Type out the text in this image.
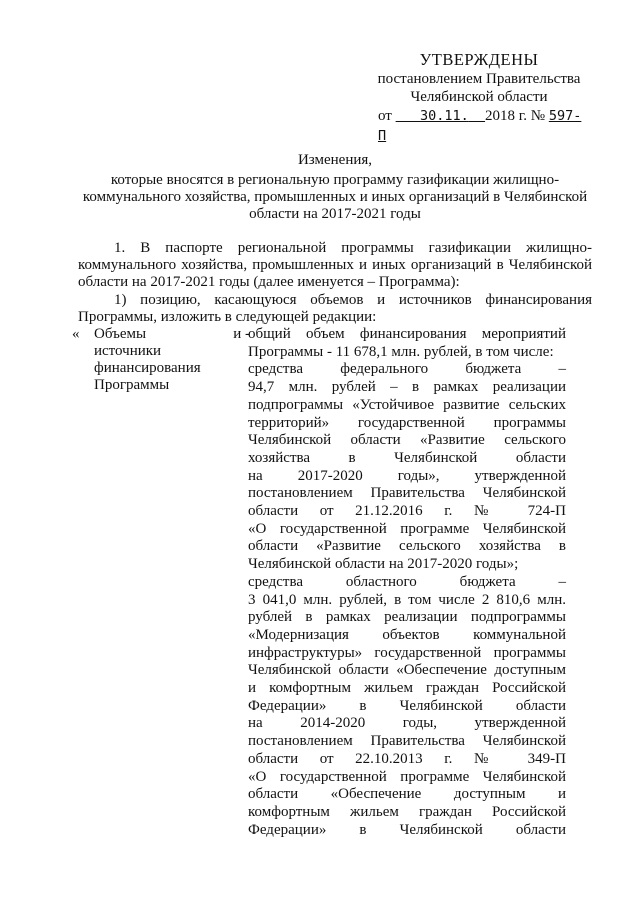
УТВЕРЖДЕНЫ
постановлением Правительства
Челябинской области
от 30.11. 2018 г. № 597-П
Изменения,
которые вносятся в региональную программу газификации жилищно-
коммунального хозяйства, промышленных и иных организаций в Челябинской
области на 2017-2021 годы
1. В паспорте региональной программы газификации жилищно-коммунального хозяйства, промышленных и иных организаций в Челябинской области на 2017-2021 годы (далее именуется – Программа):
1) позицию, касающуюся объемов и источников финансирования Программы, изложить в следующей редакции:
« Объемы	и -
источники
финансирования
Программы
общий объем финансирования мероприятий
Программы - 11 678,1 млн. рублей, в том числе:
средства федерального бюджета –
94,7 млн. рублей – в рамках реализации
подпрограммы «Устойчивое развитие сельских
территорий» государственной программы
Челябинской области «Развитие сельского
хозяйства в Челябинской области
на 2017-2020 годы», утвержденной
постановлением Правительства Челябинской
области от 21.12.2016 г. № 724-П
«О государственной программе Челябинской
области «Развитие сельского хозяйства в
Челябинской области на 2017-2020 годы»;
средства областного бюджета –
3 041,0 млн. рублей, в том числе 2 810,6 млн.
рублей в рамках реализации подпрограммы
«Модернизация объектов коммунальной
инфраструктуры» государственной программы
Челябинской области «Обеспечение доступным
и комфортным жильем граждан Российской
Федерации» в Челябинской области
на 2014-2020 годы, утвержденной
постановлением Правительства Челябинской
области от 22.10.2013 г. № 349-П
«О государственной программе Челябинской
области «Обеспечение доступным и
комфортным жильем граждан Российской
Федерации» в Челябинской области
